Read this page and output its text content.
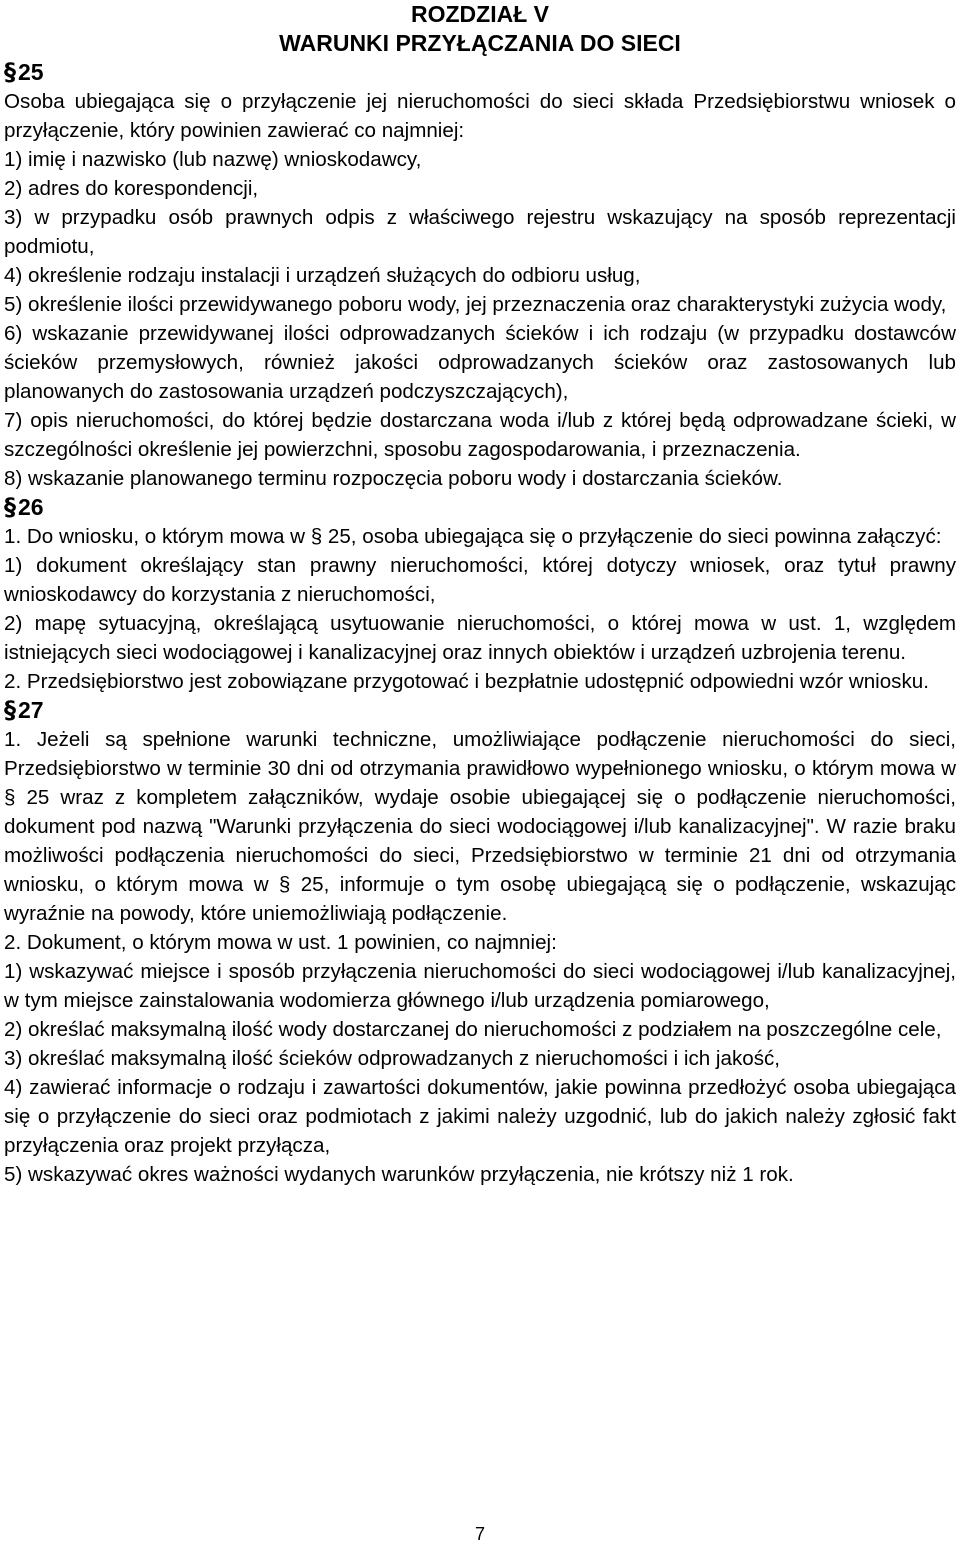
ROZDZIAŁ V
WARUNKI PRZYŁĄCZANIA DO SIECI
§25

Osoba ubiegająca się o przyłączenie jej nieruchomości do sieci składa Przedsiębiorstwu wniosek o przyłączenie, który powinien zawierać co najmniej:

1) imię i nazwisko (lub nazwę) wnioskodawcy,

2) adres do korespondencji,

3) w przypadku osób prawnych odpis z właściwego rejestru wskazujący na sposób reprezentacji podmiotu,

4) określenie rodzaju instalacji i urządzeń służących do odbioru usług,

5) określenie ilości przewidywanego poboru wody, jej przeznaczenia oraz charakterystyki zużycia wody,

6) wskazanie przewidywanej ilości odprowadzanych ścieków i ich rodzaju (w przypadku dostawców ścieków przemysłowych, również jakości odprowadzanych ścieków oraz zastosowanych lub planowanych do zastosowania urządzeń podczyszczających),

7) opis nieruchomości, do której będzie dostarczana woda i/lub z której będą odprowadzane ścieki, w szczególności określenie jej powierzchni, sposobu zagospodarowania, i przeznaczenia.

8) wskazanie planowanego terminu rozpoczęcia poboru wody i dostarczania ścieków.

§26

1. Do wniosku, o którym mowa w § 25, osoba ubiegająca się o przyłączenie do sieci powinna załączyć:

1) dokument określający stan prawny nieruchomości, której dotyczy wniosek, oraz tytuł prawny wnioskodawcy do korzystania z nieruchomości,

2) mapę sytuacyjną, określającą usytuowanie nieruchomości, o której mowa w ust. 1, względem istniejących sieci wodociągowej i kanalizacyjnej oraz innych obiektów i urządzeń uzbrojenia terenu.

2. Przedsiębiorstwo jest zobowiązane przygotować i bezpłatnie udostępnić odpowiedni wzór wniosku.

§27

1. Jeżeli są spełnione warunki techniczne, umożliwiające podłączenie nieruchomości do sieci, Przedsiębiorstwo w terminie 30 dni od otrzymania prawidłowo wypełnionego wniosku, o którym mowa w § 25 wraz z kompletem załączników, wydaje osobie ubiegającej się o podłączenie nieruchomości, dokument pod nazwą "Warunki przyłączenia do sieci wodociągowej i/lub kanalizacyjnej". W razie braku możliwości podłączenia nieruchomości do sieci, Przedsiębiorstwo w terminie 21 dni od otrzymania wniosku, o którym mowa w § 25, informuje o tym osobę ubiegającą się o podłączenie, wskazując wyraźnie na powody, które uniemożliwiają podłączenie.

2. Dokument, o którym mowa w ust. 1 powinien, co najmniej:

1) wskazywać miejsce i sposób przyłączenia nieruchomości do sieci wodociągowej i/lub kanalizacyjnej, w tym miejsce zainstalowania wodomierza głównego i/lub urządzenia pomiarowego,

2) określać maksymalną ilość wody dostarczanej do nieruchomości z podziałem na poszczególne cele,

3) określać maksymalną ilość ścieków odprowadzanych z nieruchomości i ich jakość,

4) zawierać informacje o rodzaju i zawartości dokumentów, jakie powinna przedłożyć osoba ubiegająca się o przyłączenie do sieci oraz podmiotach z jakimi należy uzgodnić, lub do jakich należy zgłosić fakt przyłączenia oraz projekt przyłącza,

5) wskazywać okres ważności wydanych warunków przyłączenia, nie krótszy niż 1 rok.

7
